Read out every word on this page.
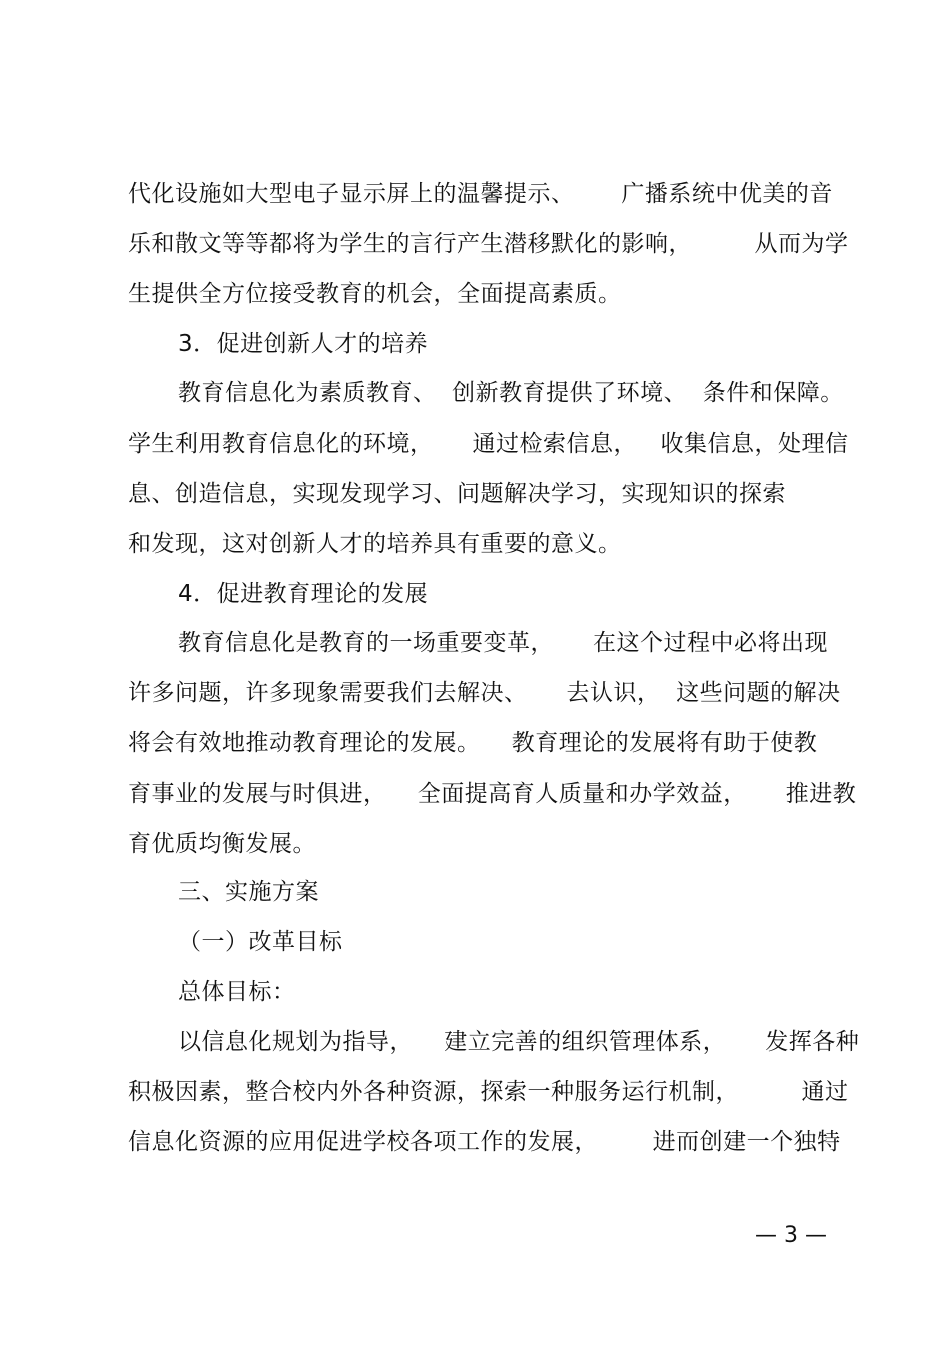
代化设施如大型电子显示屏上的温馨提示、      广播系统中优美的音
乐和散文等等都将为学生的言行产生潜移默化的影响，        从而为学
生提供全方位接受教育的机会，全面提高素质。
3．促进创新人才的培养
教育信息化为素质教育、  创新教育提供了环境、  条件和保障。
学生利用教育信息化的环境，     通过检索信息，   收集信息，处理信
息、创造信息，实现发现学习、问题解决学习，实现知识的探索
和发现，这对创新人才的培养具有重要的意义。
4．促进教育理论的发展
教育信息化是教育的一场重要变革，     在这个过程中必将出现
许多问题，许多现象需要我们去解决、     去认识，  这些问题的解决
将会有效地推动教育理论的发展。    教育理论的发展将有助于使教
育事业的发展与时俱进，    全面提高育人质量和办学效益，     推进教
育优质均衡发展。
三、实施方案
（一）改革目标
总体目标：
以信息化规划为指导，    建立完善的组织管理体系，     发挥各种
积极因素，整合校内外各种资源，探索一种服务运行机制，        通过
信息化资源的应用促进学校各项工作的发展，       进而创建一个独特
— 3 —
